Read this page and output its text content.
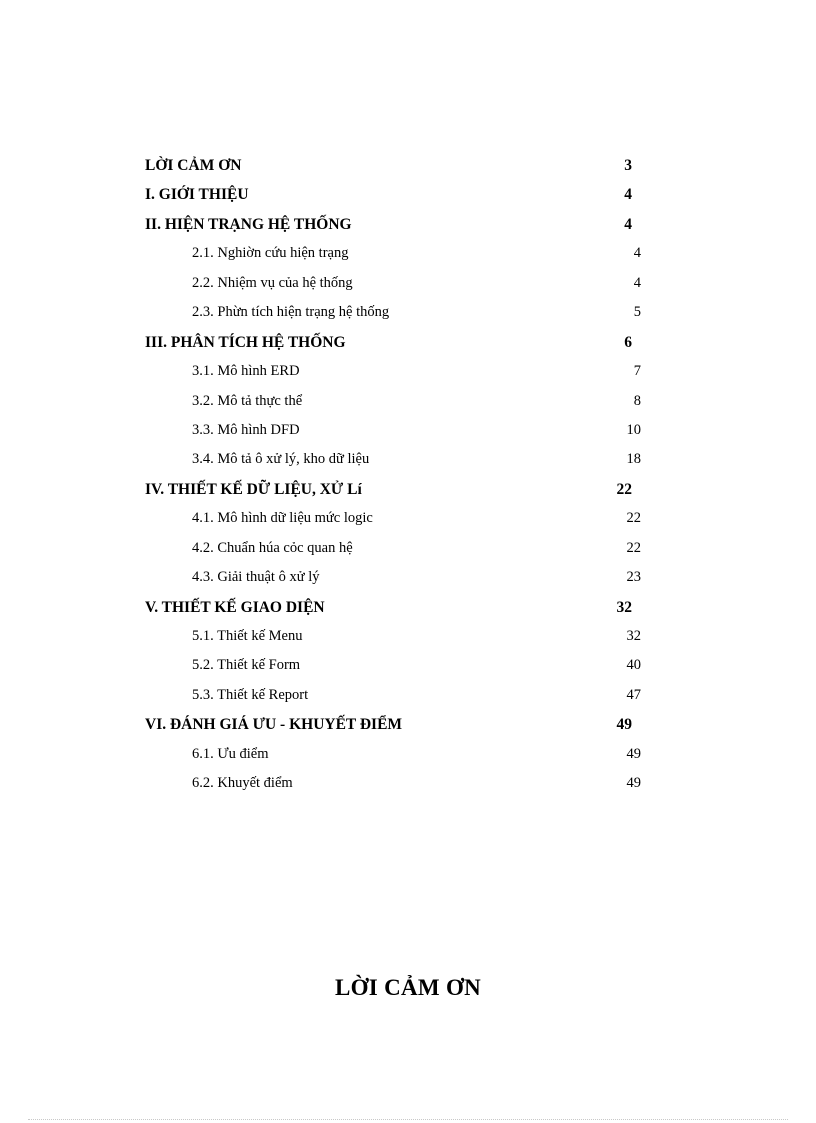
LỜI CẢM ƠN	3
I. GIỚI THIỆU	4
II. HIỆN TRẠNG HỆ THỐNG	4
2.1. Nghiờn cứu hiện trạng	4
2.2. Nhiệm vụ của hệ thống	4
2.3. Phừn tích hiện trạng hệ thống	5
III. PHÂN TÍCH HỆ THỐNG	6
3.1. Mô hình ERD	7
3.2. Mô tả thực thể	8
3.3. Mô hình DFD	10
3.4. Mô tả ô xử lý, kho dữ liệu	18
IV. THIẾT KẾ DỮ LIỆU, XỬ Lí	22
4.1. Mô hình dữ liệu mức logic	22
4.2. Chuẩn húa cỏc quan hệ	22
4.3. Giải thuật ô xử lý	23
V. THIẾT KẾ GIAO DIỆN	32
5.1. Thiết kế Menu	32
5.2. Thiết kế Form	40
5.3. Thiết kế Report	47
VI. ĐÁNH GIÁ ƯU - KHUYẾT ĐIỂM	49
6.1. Ưu điểm	49
6.2. Khuyết điểm	49
LỜI CẢM ƠN
